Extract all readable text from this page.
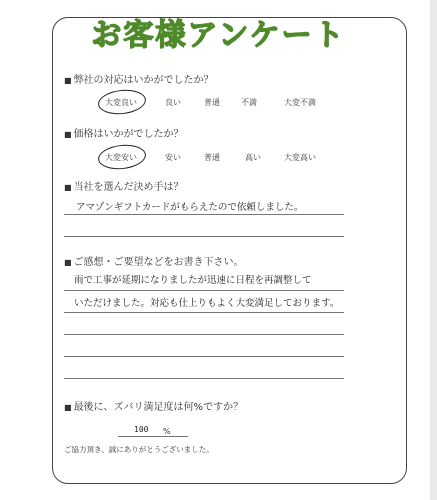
お客様アンケート
■ 弊社の対応はいかがでしたか？
大変良い	良い	普通	不満	大変不満
■ 価格はいかがでしたか？
大変安い	安い	普通	高い	大変高い
■ 当社を選んだ決め手は？
アマゾンギフトカードがもらえたので依頼しました。
■ ご感想・ご要望などをお書き下さい。
雨で工事が延期になりましたが迅速に日程を再調整して
いただけました。対応も仕上りもよく大変満足しております。
■ 最後に、ズバリ満足度は何%ですか？
100 %
ご協力頂き、誠にありがとうございました。
